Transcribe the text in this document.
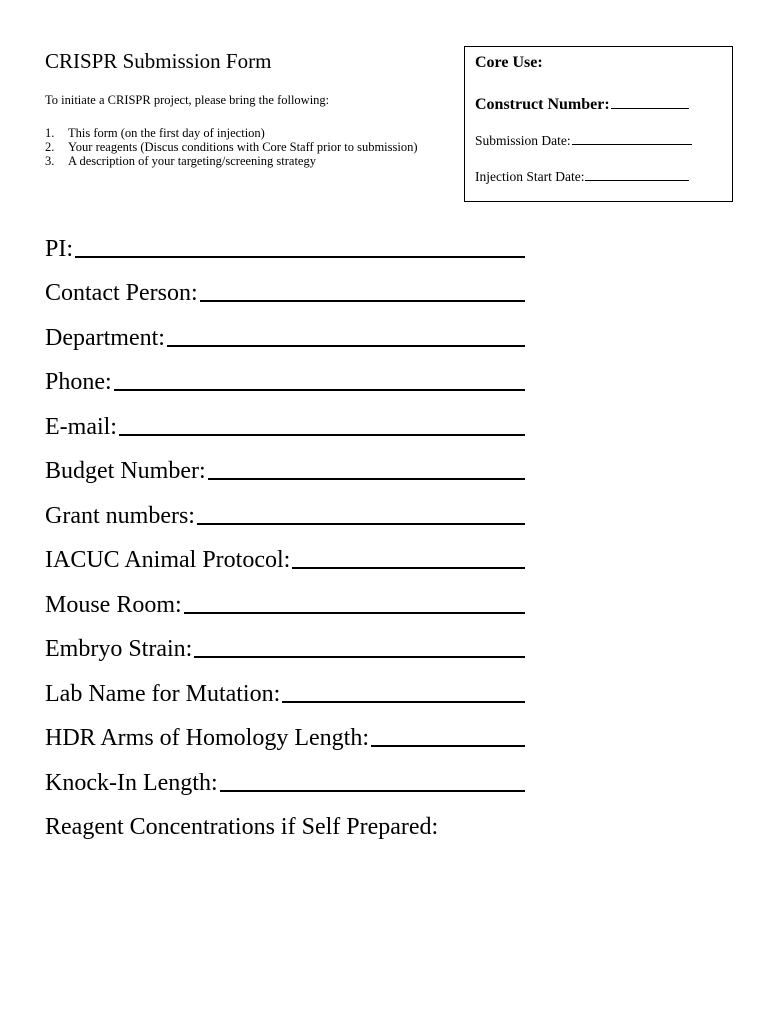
CRISPR Submission Form
To initiate a CRISPR project, please bring the following:
1. This form (on the first day of injection)
2. Your reagents (Discus conditions with Core Staff prior to submission)
3. A description of your targeting/screening strategy
Core Use:
Construct Number:
Submission Date:
Injection Start Date:
PI:
Contact Person:
Department:
Phone:
E-mail:
Budget Number:
Grant numbers:
IACUC Animal Protocol:
Mouse Room:
Embryo Strain:
Lab Name for Mutation:
HDR Arms of Homology Length:
Knock-In Length:
Reagent Concentrations if Self Prepared:
